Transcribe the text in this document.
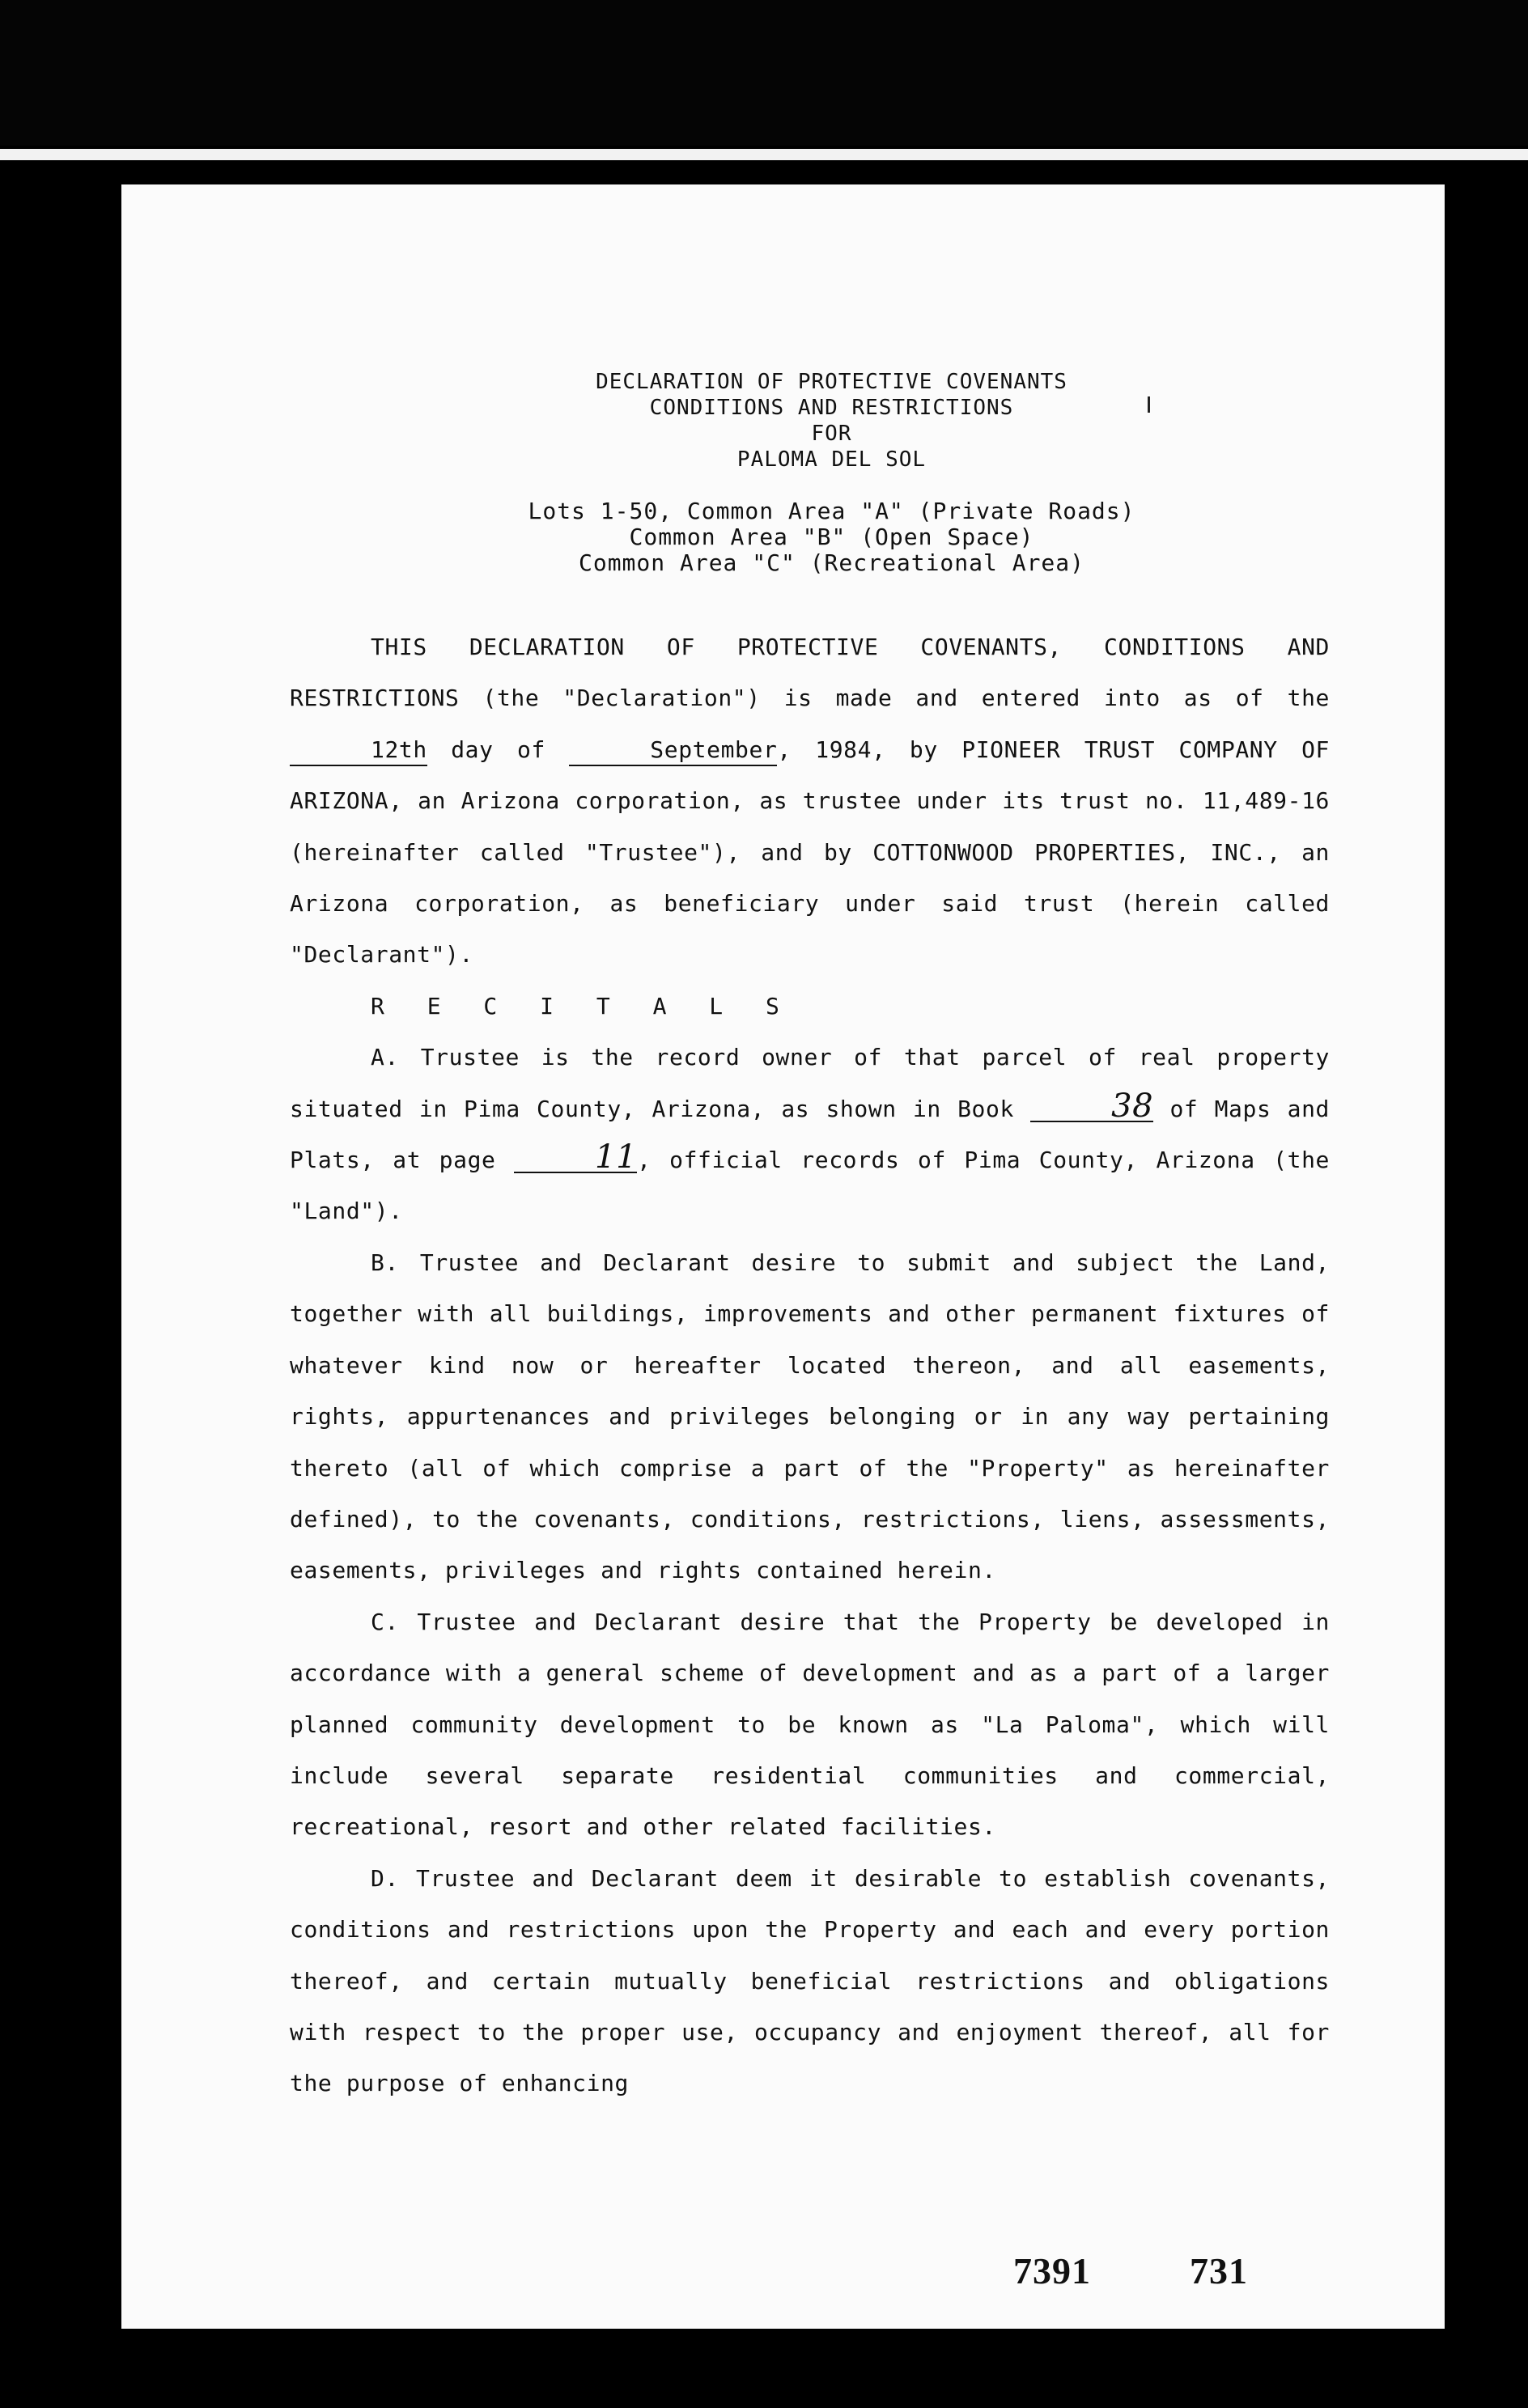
DECLARATION OF PROTECTIVE COVENANTS
CONDITIONS AND RESTRICTIONS
FOR
PALOMA DEL SOL
Lots 1-50, Common Area "A" (Private Roads)
Common Area "B" (Open Space)
Common Area "C" (Recreational Area)

THIS DECLARATION OF PROTECTIVE COVENANTS, CONDITIONS AND RESTRICTIONS (the "Declaration") is made and entered into as of the 12th day of	September, 1984, by PIONEER TRUST COMPANY OF ARIZONA, an Arizona corporation, as trustee under its trust no. 11,489-16 (hereinafter called "Trustee"), and by COTTONWOOD PROPERTIES, INC., an Arizona corporation, as beneficiary under said trust (herein called "Declarant").

R E C I T A L S

A. Trustee is the record owner of that parcel of real property situated in Pima County, Arizona, as shown in Book	38 of Maps and Plats, at page	11, official records of Pima County, Arizona (the "Land").

B. Trustee and Declarant desire to submit and subject the Land, together with all buildings, improvements and other permanent fixtures of whatever kind now or hereafter located thereon, and all easements, rights, appurtenances and privileges belonging or in any way pertaining thereto (all of which comprise a part of the "Property" as hereinafter defined), to the covenants, conditions, restrictions, liens, assessments, easements, privileges and rights contained herein.

C. Trustee and Declarant desire that the Property be developed in accordance with a general scheme of development and as a part of a larger planned community development to be known as "La Paloma", which will include several separate residential communities and commercial, recreational, resort and other related facilities.

D. Trustee and Declarant deem it desirable to establish covenants, conditions and restrictions upon the Property and each and every portion thereof, and certain mutually beneficial restrictions and obligations with respect to the proper use, occupancy and enjoyment thereof, all for the purpose of enhancing

7391	731
